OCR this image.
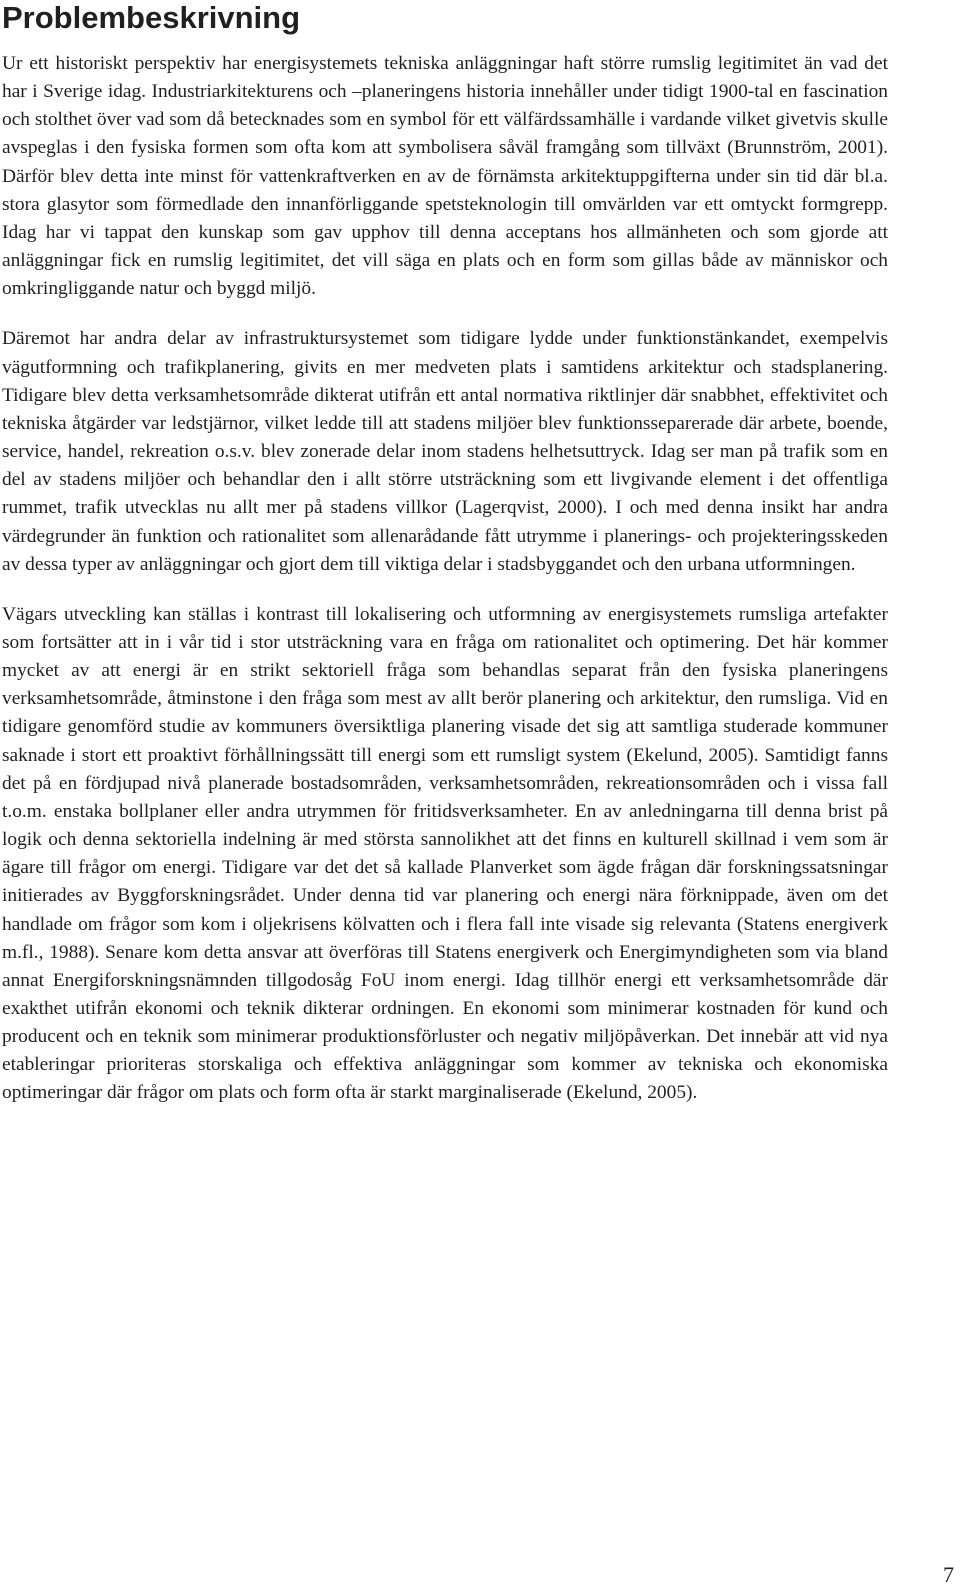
Problembeskrivning

Ur ett historiskt perspektiv har energisystemets tekniska anläggningar haft större rumslig legitimitet än vad det har i Sverige idag. Industriarkitekturens och –planeringens historia innehåller under tidigt 1900-tal en fascination och stolthet över vad som då betecknades som en symbol för ett välfärdssamhälle i vardande vilket givetvis skulle avspeglas i den fysiska formen som ofta kom att symbolisera såväl framgång som tillväxt (Brunnström, 2001). Därför blev detta inte minst för vattenkraftverken en av de förnämsta arkitektuppgifterna under sin tid där bl.a. stora glasytor som förmedlade den innanförliggande spetsteknologin till omvärlden var ett omtyckt formgrepp. Idag har vi tappat den kunskap som gav upphov till denna acceptans hos allmänheten och som gjorde att anläggningar fick en rumslig legitimitet, det vill säga en plats och en form som gillas både av människor och omkringliggande natur och byggd miljö.

Däremot har andra delar av infrastruktursystemet som tidigare lydde under funktionstänkandet, exempelvis vägutformning och trafikplanering, givits en mer medveten plats i samtidens arkitektur och stadsplanering. Tidigare blev detta verksamhetsområde dikterat utifrån ett antal normativa riktlinjer där snabbhet, effektivitet och tekniska åtgärder var ledstjärnor, vilket ledde till att stadens miljöer blev funktionsseparerade där arbete, boende, service, handel, rekreation o.s.v. blev zonerade delar inom stadens helhetsuttryck. Idag ser man på trafik som en del av stadens miljöer och behandlar den i allt större utsträckning som ett livgivande element i det offentliga rummet, trafik utvecklas nu allt mer på stadens villkor (Lagerqvist, 2000). I och med denna insikt har andra värdegrunder än funktion och rationalitet som allenarådande fått utrymme i planerings- och projekteringsskeden av dessa typer av anläggningar och gjort dem till viktiga delar i stadsbyggandet och den urbana utformningen.

Vägars utveckling kan ställas i kontrast till lokalisering och utformning av energisystemets rumsliga artefakter som fortsätter att in i vår tid i stor utsträckning vara en fråga om rationalitet och optimering. Det här kommer mycket av att energi är en strikt sektoriell fråga som behandlas separat från den fysiska planeringens verksamhetsområde, åtminstone i den fråga som mest av allt berör planering och arkitektur, den rumsliga. Vid en tidigare genomförd studie av kommuners översiktliga planering visade det sig att samtliga studerade kommuner saknade i stort ett proaktivt förhållningssätt till energi som ett rumsligt system (Ekelund, 2005). Samtidigt fanns det på en fördjupad nivå planerade bostadsområden, verksamhetsområden, rekreationsområden och i vissa fall t.o.m. enstaka bollplaner eller andra utrymmen för fritidsverksamheter. En av anledningarna till denna brist på logik och denna sektoriella indelning är med största sannolikhet att det finns en kulturell skillnad i vem som är ägare till frågor om energi. Tidigare var det det så kallade Planverket som ägde frågan där forskningssatsningar initierades av Byggforskningsrådet. Under denna tid var planering och energi nära förknippade, även om det handlade om frågor som kom i oljekrisens kölvatten och i flera fall inte visade sig relevanta (Statens energiverk m.fl., 1988). Senare kom detta ansvar att överföras till Statens energiverk och Energimyndigheten som via bland annat Energiforskningsnämnden tillgodosåg FoU inom energi. Idag tillhör energi ett verksamhetsområde där exakthet utifrån ekonomi och teknik dikterar ordningen. En ekonomi som minimerar kostnaden för kund och producent och en teknik som minimerar produktionsförluster och negativ miljöpåverkan. Det innebär att vid nya etableringar prioriteras storskaliga och effektiva anläggningar som kommer av tekniska och ekonomiska optimeringar där frågor om plats och form ofta är starkt marginaliserade (Ekelund, 2005).

7
